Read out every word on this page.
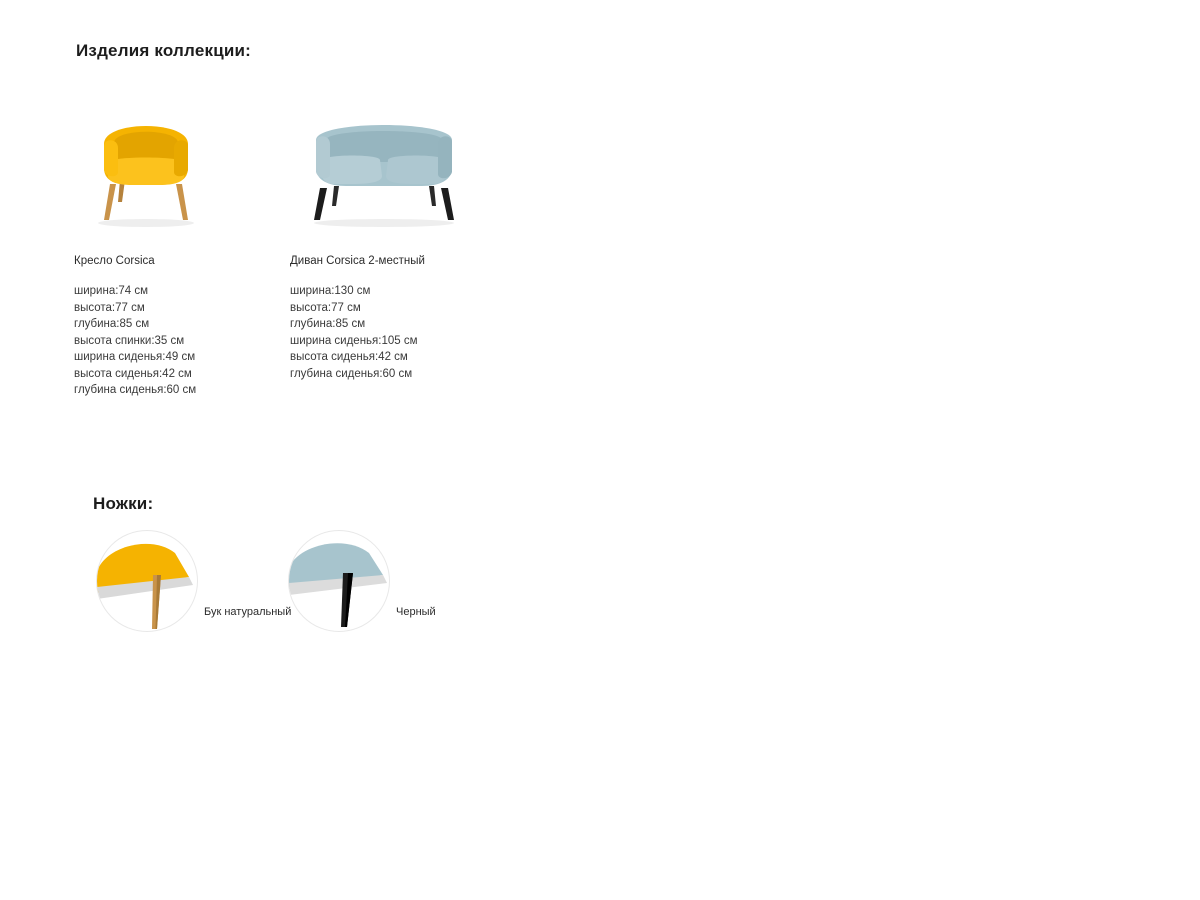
Изделия коллекции:
Кресло Corsica
ширина:74 см
высота:77 см
глубина:85 см
высота спинки:35 см
ширина сиденья:49 см
высота сиденья:42 см
глубина сиденья:60 см
Диван Corsica 2-местный
ширина:130 см
высота:77 см
глубина:85 см
ширина сиденья:105 см
высота сиденья:42 см
глубина сиденья:60 см
Ножки:
Бук натуральный	Черный
